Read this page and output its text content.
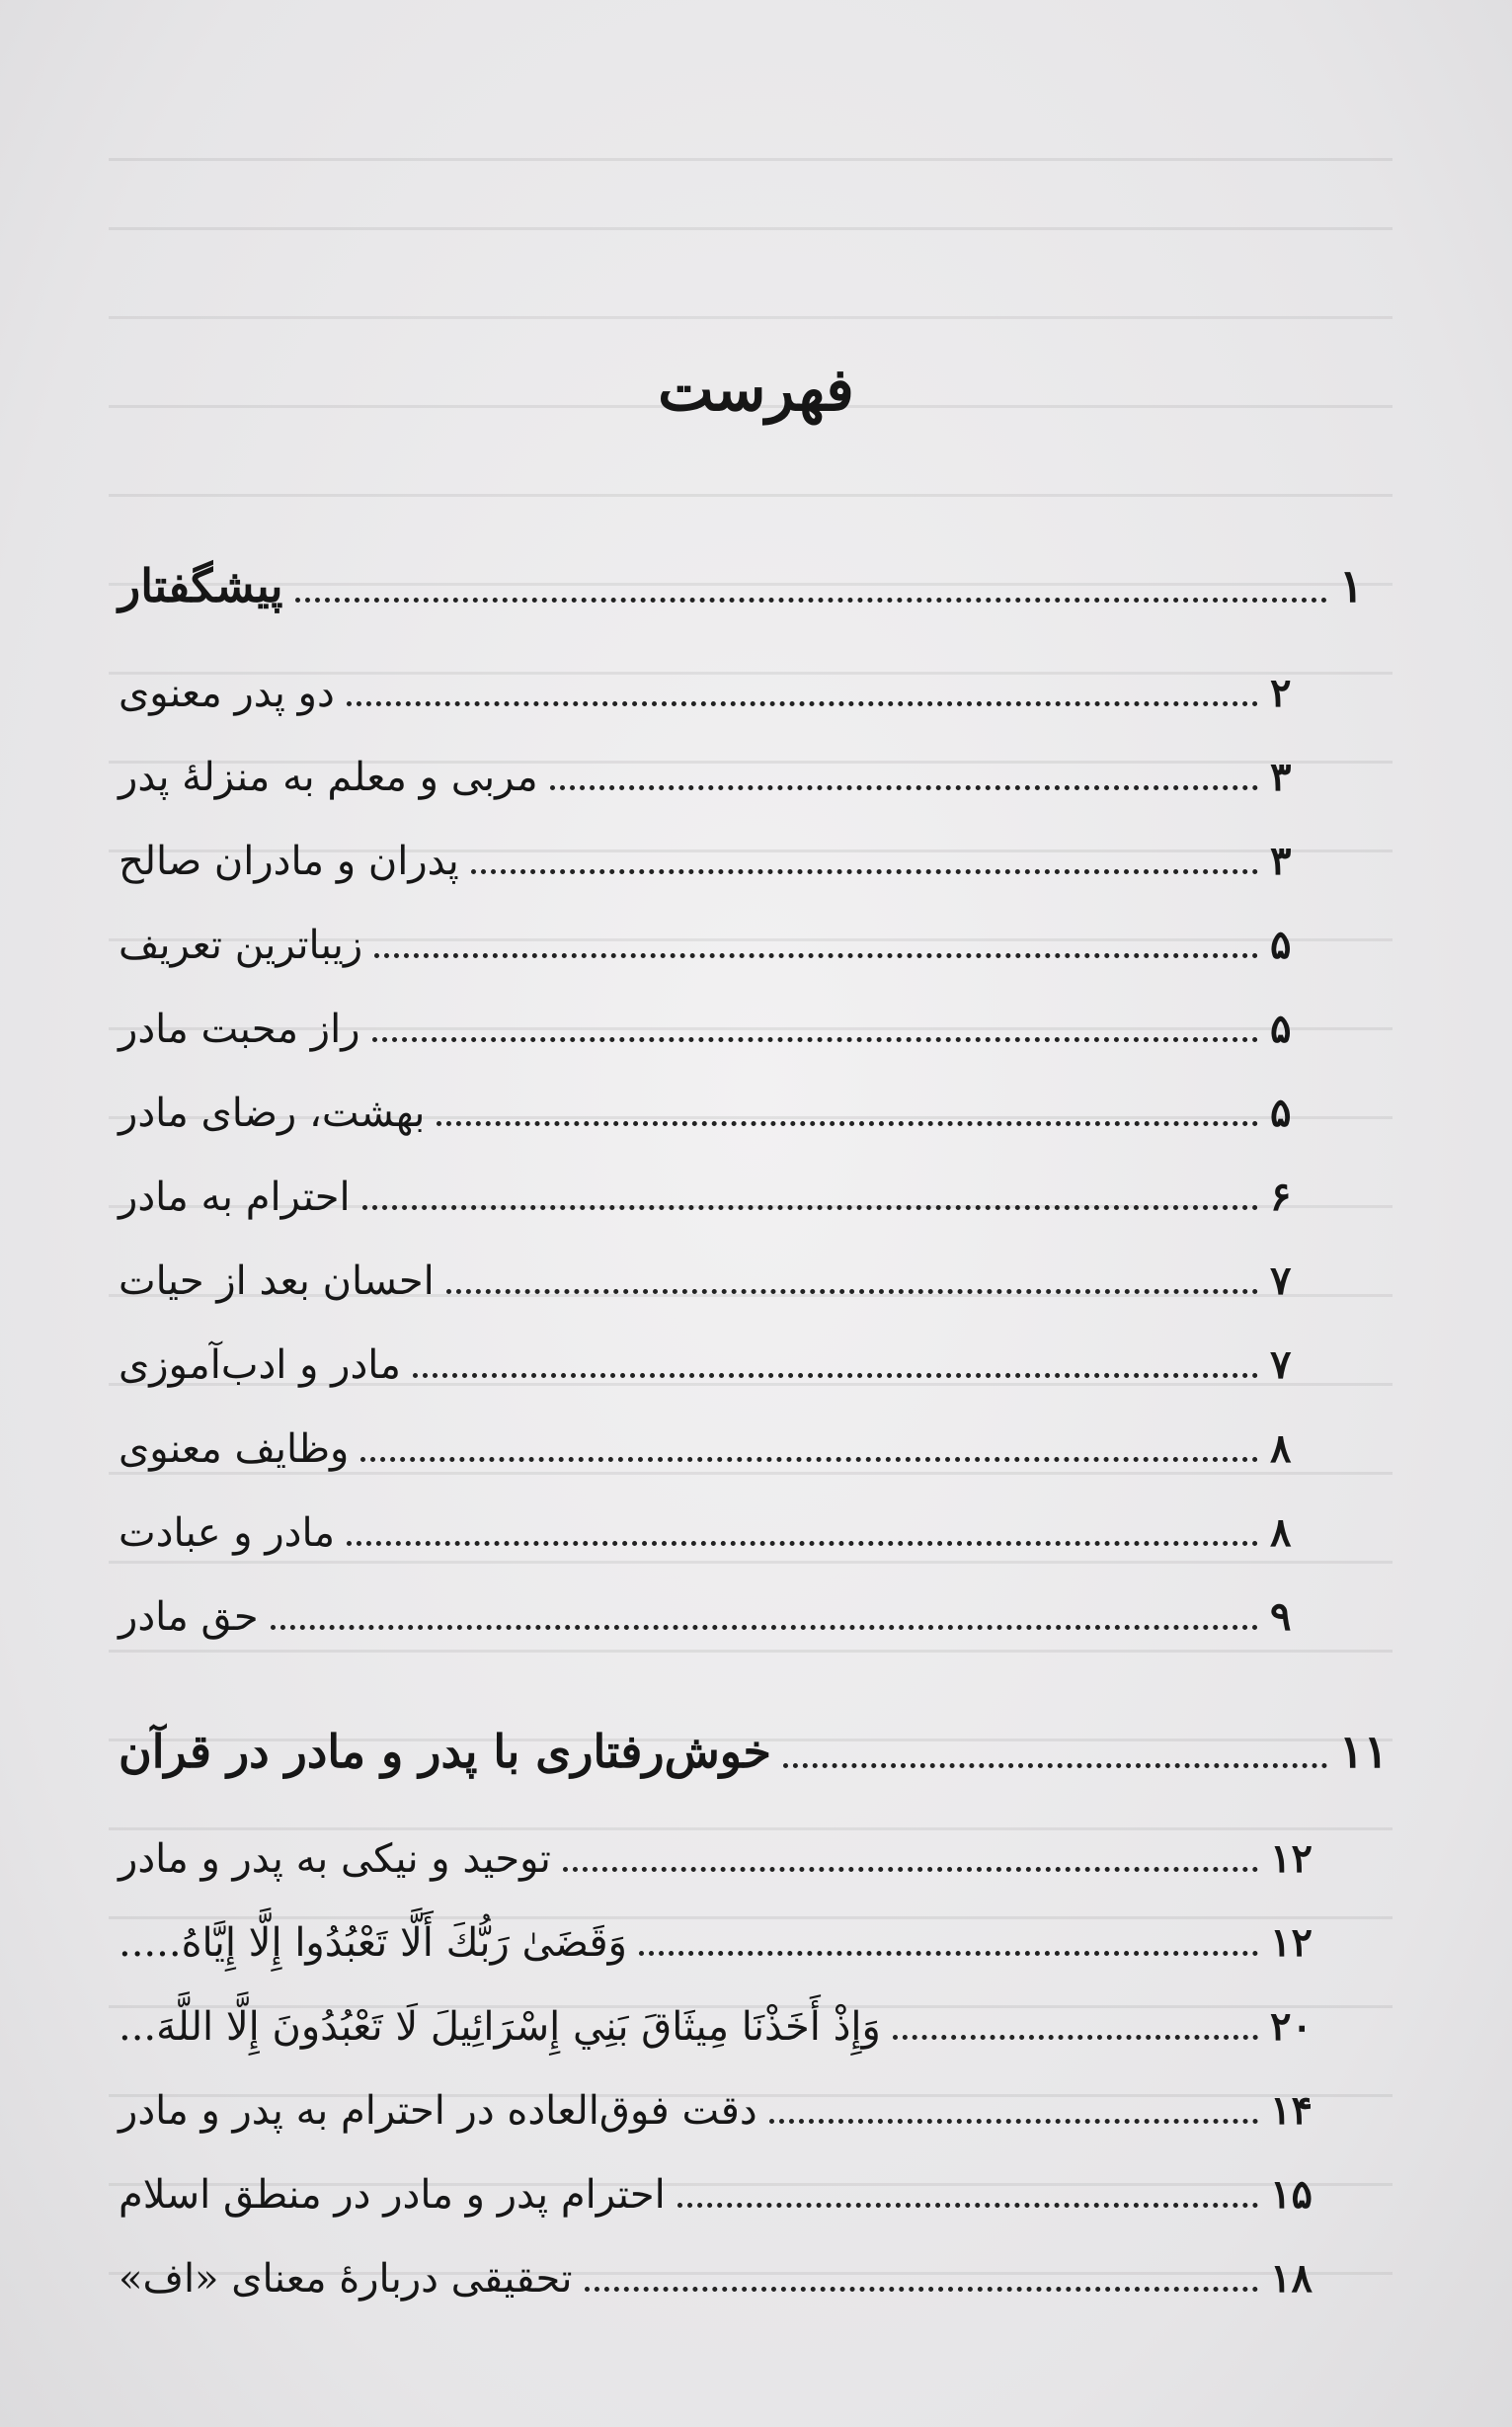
فهرست
پیشگفتار	۱
دو پدر معنوی	۲
مربی و معلم به منزلهٔ پدر	۳
پدران و مادران صالح	۳
زیباترین تعریف	۵
راز محبت مادر	۵
بهشت، رضای مادر	۵
احترام به مادر	۶
احسان بعد از حیات	۷
مادر و ادب‌آموزی	۷
وظایف معنوی	۸
مادر و عبادت	۸
حق مادر	۹
خوش‌رفتاری با پدر و مادر در قرآن	۱۱
توحید و نیکی به پدر و مادر	۱۲
وَقَضَىٰ رَبُّكَ أَلَّا تَعْبُدُوا إِلَّا إِيَّاهُ.....	۱۲
وَإِذْ أَخَذْنَا مِيثَاقَ بَنِي إِسْرَائِيلَ لَا تَعْبُدُونَ إِلَّا اللَّهَ...	۲۰
دقت فوق‌العاده در احترام به پدر و مادر	۱۴
احترام پدر و مادر در منطق اسلام	۱۵
تحقیقی دربارهٔ معنای «اف»	۱۸
